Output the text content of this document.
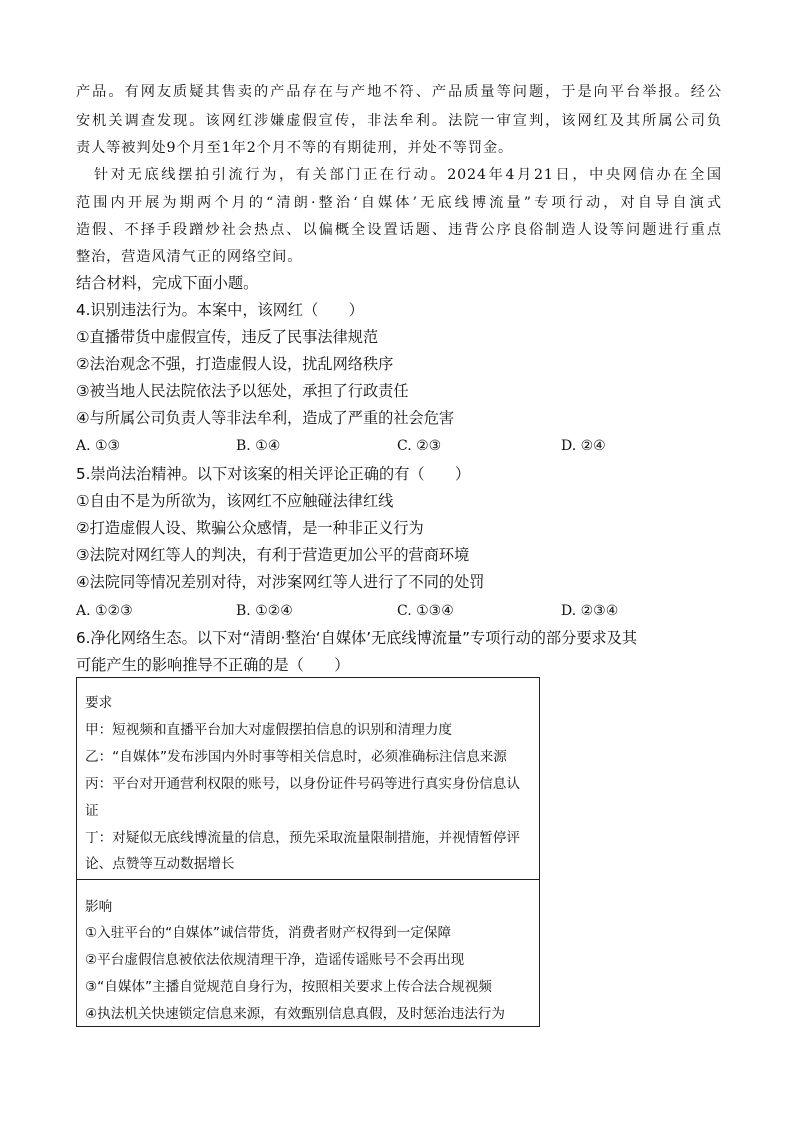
产品。有网友质疑其售卖的产品存在与产地不符、产品质量等问题，于是向平台举报。经公
安机关调查发现。该网红涉嫌虚假宣传，非法牟利。法院一审宣判，该网红及其所属公司负
责人等被判处9个月至1年2个月不等的有期徒刑，并处不等罚金。
针对无底线摆拍引流行为，有关部门正在行动。2024年4月21日，中央网信办在全国
范围内开展为期两个月的“清朗·整治‘自媒体’无底线博流量”专项行动，对自导自演式
造假、不择手段蹭炒社会热点、以偏概全设置话题、违背公序良俗制造人设等问题进行重点
整治，营造风清气正的网络空间。
结合材料，完成下面小题。
4.识别违法行为。本案中，该网红（　　）
①直播带货中虚假宣传，违反了民事法律规范
②法治观念不强，打造虚假人设，扰乱网络秩序
③被当地人民法院依法予以惩处，承担了行政责任
④与所属公司负责人等非法牟利，造成了严重的社会危害
A. ①③	B. ①④	C. ②③	D. ②④
5.崇尚法治精神。以下对该案的相关评论正确的有（　　）
①自由不是为所欲为，该网红不应触碰法律红线
②打造虚假人设、欺骗公众感情，是一种非正义行为
③法院对网红等人的判决，有利于营造更加公平的营商环境
④法院同等情况差别对待，对涉案网红等人进行了不同的处罚
A. ①②③	B. ①②④	C. ①③④	D. ②③④
6.净化网络生态。以下对“清朗·整治‘自媒体’无底线博流量”专项行动的部分要求及其
可能产生的影响推导不正确的是（　　）
要求
甲：短视频和直播平台加大对虚假摆拍信息的识别和清理力度
乙：“自媒体”发布涉国内外时事等相关信息时，必须准确标注信息来源
丙：平台对开通营利权限的账号，以身份证件号码等进行真实身份信息认
证
丁：对疑似无底线博流量的信息，预先采取流量限制措施，并视情暂停评
论、点赞等互动数据增长
影响
①入驻平台的“自媒体”诚信带货，消费者财产权得到一定保障
②平台虚假信息被依法依规清理干净，造谣传谣账号不会再出现
③“自媒体”主播自觉规范自身行为，按照相关要求上传合法合规视频
④执法机关快速锁定信息来源，有效甄别信息真假，及时惩治违法行为
